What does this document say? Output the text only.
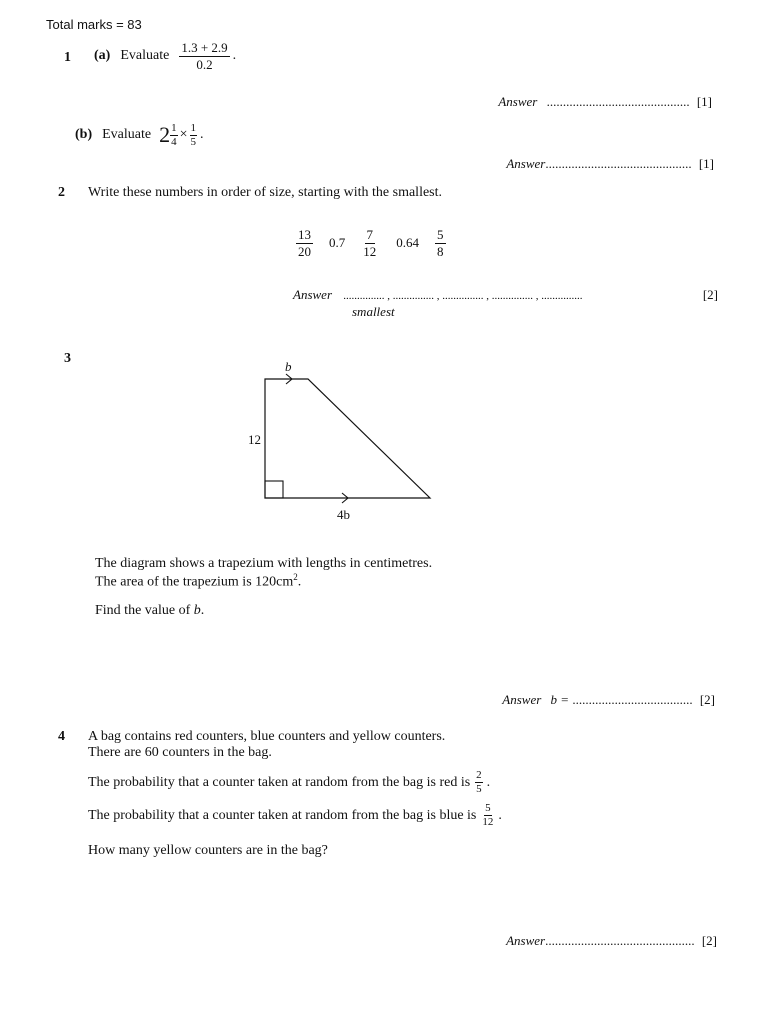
Total marks = 83
1 (a) Evaluate $\frac{1.3 + 2.9}{0.2}$ .
Answer ............................................ [1]
(b) Evaluate $2 \frac{1}{4} \times \frac{1}{5}$ .
Answer............................................. [1]
2 Write these numbers in order of size, starting with the smallest.
$\frac{13}{20} 0.7 \frac{7}{12} 0.64 \frac{5}{8}$
Answer ............... , ............... , ............... , ............... , ...............	[2]
smallest
3
b
12
4b
The diagram shows a trapezium with lengths in centimetres.
The area of the trapezium is $120cm^2$.
Find the value of b.
Answer b = ..................................... [2]
4 A bag contains red counters, blue counters and yellow counters.
There are 60 counters in the bag.
The probability that a counter taken at random from the bag is red is $\frac{2}{5}$ .
The probability that a counter taken at random from the bag is blue is $\frac{5}{12}$ .
How many yellow counters are in the bag?
Answer.............................................. [2]
